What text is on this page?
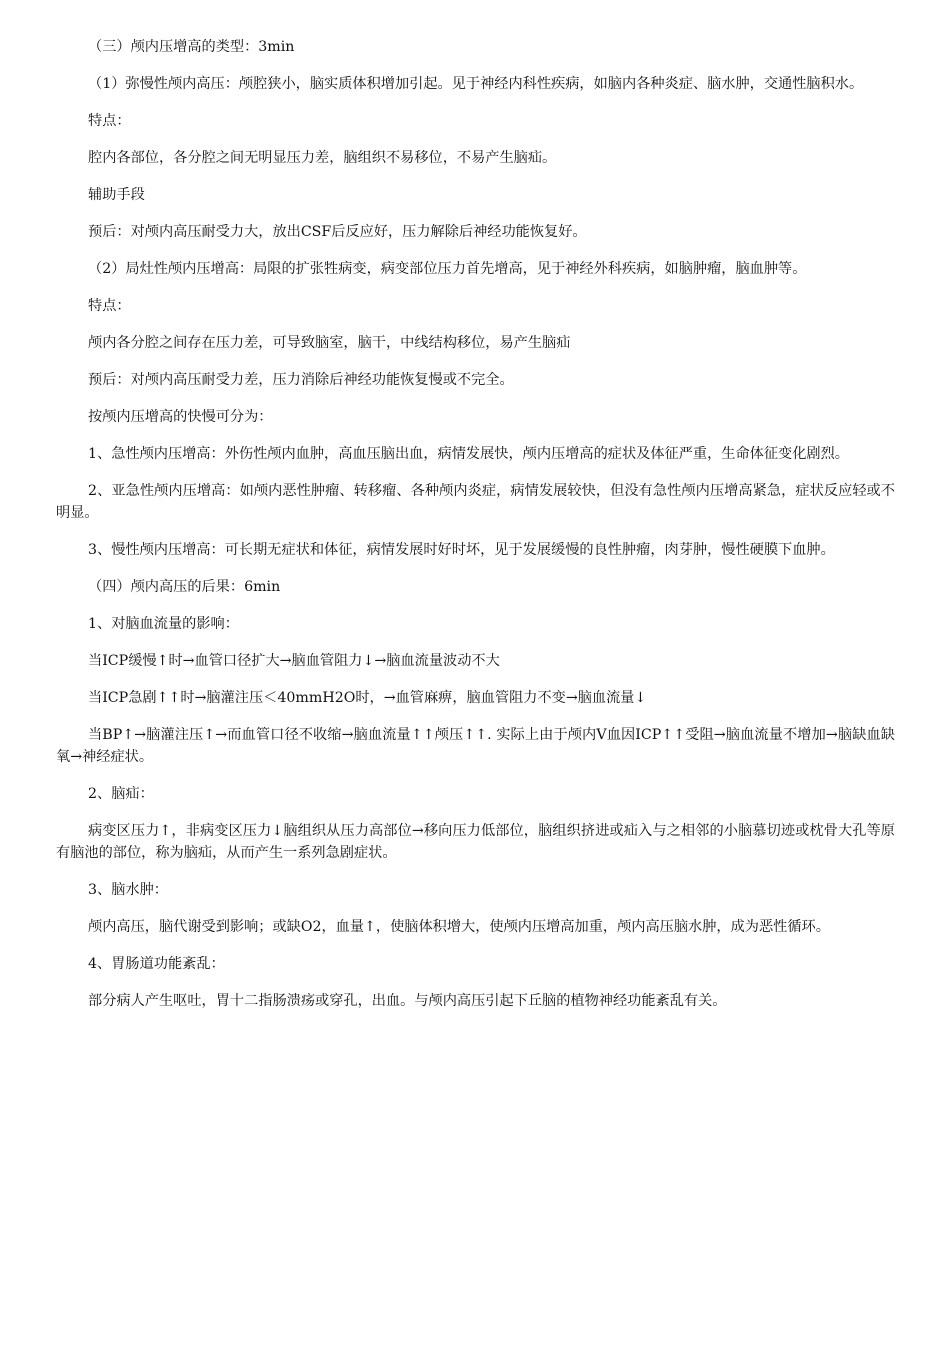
（三）颅内压增高的类型：3min

（1）弥慢性颅内高压：颅腔狭小，脑实质体积增加引起。见于神经内科性疾病，如脑内各种炎症、脑水肿，交通性脑积水。

特点：

腔内各部位，各分腔之间无明显压力差，脑组织不易移位，不易产生脑疝。

辅助手段

预后：对颅内高压耐受力大，放出CSF后反应好，压力解除后神经功能恢复好。

（2）局灶性颅内压增高：局限的扩张牲病变，病变部位压力首先增高，见于神经外科疾病，如脑肿瘤，脑血肿等。

特点：

颅内各分腔之间存在压力差，可导致脑室，脑干，中线结构移位，易产生脑疝

预后：对颅内高压耐受力差，压力消除后神经功能恢复慢或不完全。

按颅内压增高的快慢可分为：

1、急性颅内压增高：外伤性颅内血肿，高血压脑出血，病情发展快，颅内压增高的症状及体征严重，生命体征变化剧烈。

2、亚急性颅内压增高：如颅内恶性肿瘤、转移瘤、各种颅内炎症，病情发展较快，但没有急性颅内压增高紧急，症状反应轻或不明显。

3、慢性颅内压增高：可长期无症状和体征，病情发展时好时坏，见于发展缓慢的良性肿瘤，肉芽肿，慢性硬膜下血肿。

（四）颅内高压的后果：6min

1、对脑血流量的影响：

当ICP缓慢↑时→血管口径扩大→脑血管阻力↓→脑血流量波动不大

当ICP急剧↑↑时→脑灌注压＜40mmH2O时，→血管麻痹，脑血管阻力不变→脑血流量↓

当BP↑→脑灌注压↑→而血管口径不收缩→脑血流量↑↑颅压↑↑. 实际上由于颅内V血因ICP↑↑受阻→脑血流量不增加→脑缺血缺氧→神经症状。

2、脑疝：

病变区压力↑，非病变区压力↓脑组织从压力高部位→移向压力低部位，脑组织挤进或疝入与之相邻的小脑慕切迹或枕骨大孔等原有脑池的部位，称为脑疝，从而产生一系列急剧症状。

3、脑水肿：

颅内高压，脑代谢受到影响；或缺O2，血量↑，使脑体积增大，使颅内压增高加重，颅内高压脑水肿，成为恶性循环。

4、胃肠道功能紊乱：

部分病人产生呕吐，胃十二指肠溃疡或穿孔，出血。与颅内高压引起下丘脑的植物神经功能紊乱有关。
